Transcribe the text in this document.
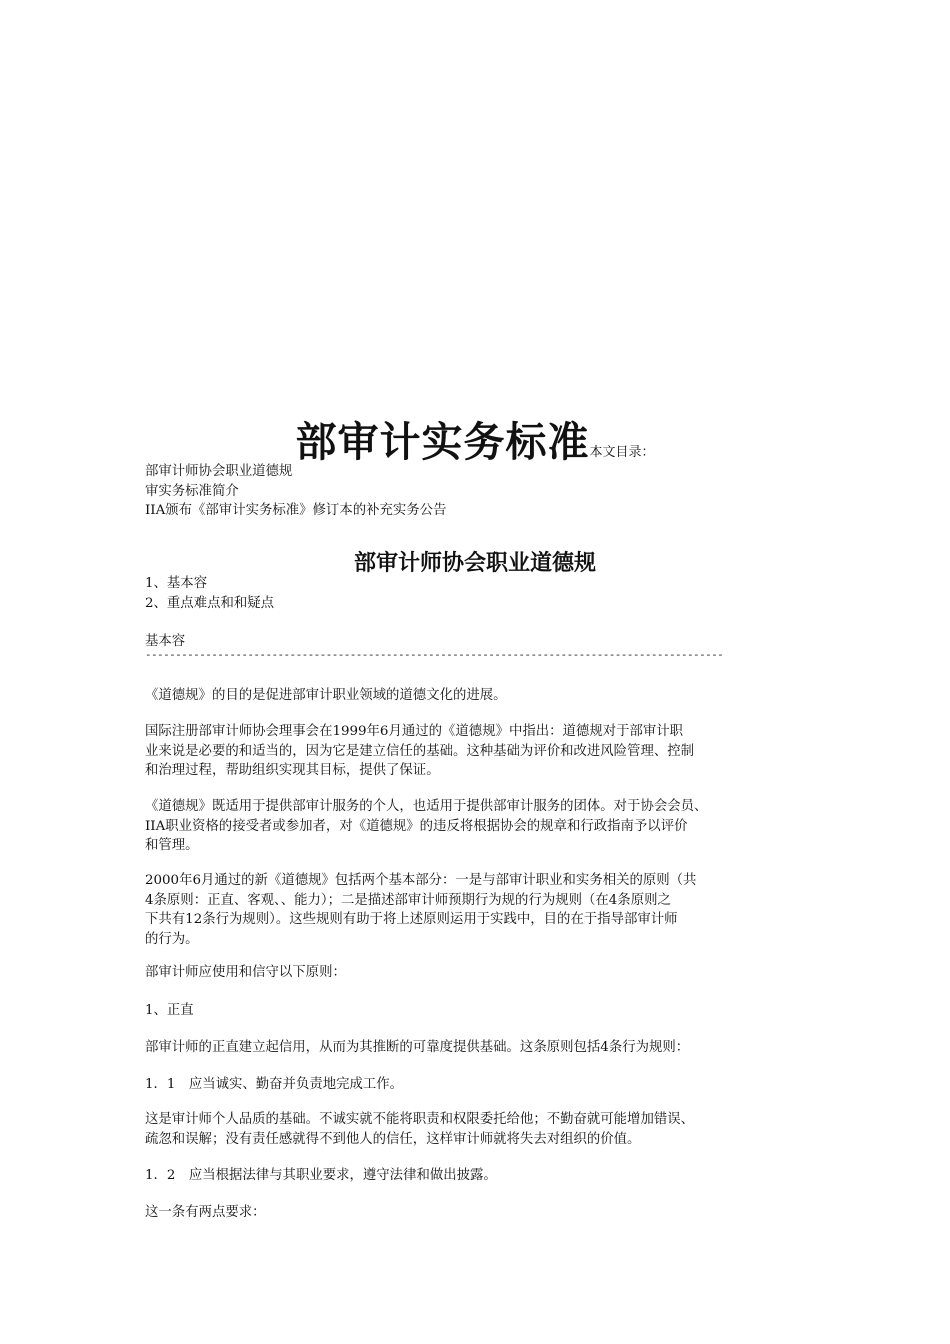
部审计实务标准本文目录：
部审计师协会职业道德规
审实务标准简介
IIA颁布《部审计实务标准》修订本的补充实务公告
部审计师协会职业道德规
1、基本容
2、重点难点和和疑点
基本容
------------------------------------------------------------------------------------------------
《道德规》的目的是促进部审计职业领域的道德文化的进展。
国际注册部审计师协会理事会在1999年6月通过的《道德规》中指出：道德规对于部审计职
业来说是必要的和适当的，因为它是建立信任的基础。这种基础为评价和改进风险管理、控制
和治理过程，帮助组织实现其目标，提供了保证。
《道德规》既适用于提供部审计服务的个人，也适用于提供部审计服务的团体。对于协会会员、
IIA职业资格的接受者或参加者，对《道德规》的违反将根据协会的规章和行政指南予以评价
和管理。
2000年6月通过的新《道德规》包括两个基本部分：一是与部审计职业和实务相关的原则（共
4条原则：正直、客观、、能力）；二是描述部审计师预期行为规的行为规则（在4条原则之
下共有12条行为规则）。这些规则有助于将上述原则运用于实践中，目的在于指导部审计师
的行为。
部审计师应使用和信守以下原则：
1、正直
部审计师的正直建立起信用，从而为其推断的可靠度提供基础。这条原则包括4条行为规则：
1．1　应当诚实、勤奋并负责地完成工作。
这是审计师个人品质的基础。不诚实就不能将职责和权限委托给他；不勤奋就可能增加错误、
疏忽和误解；没有责任感就得不到他人的信任，这样审计师就将失去对组织的价值。
1．2　应当根据法律与其职业要求，遵守法律和做出披露。
这一条有两点要求：
